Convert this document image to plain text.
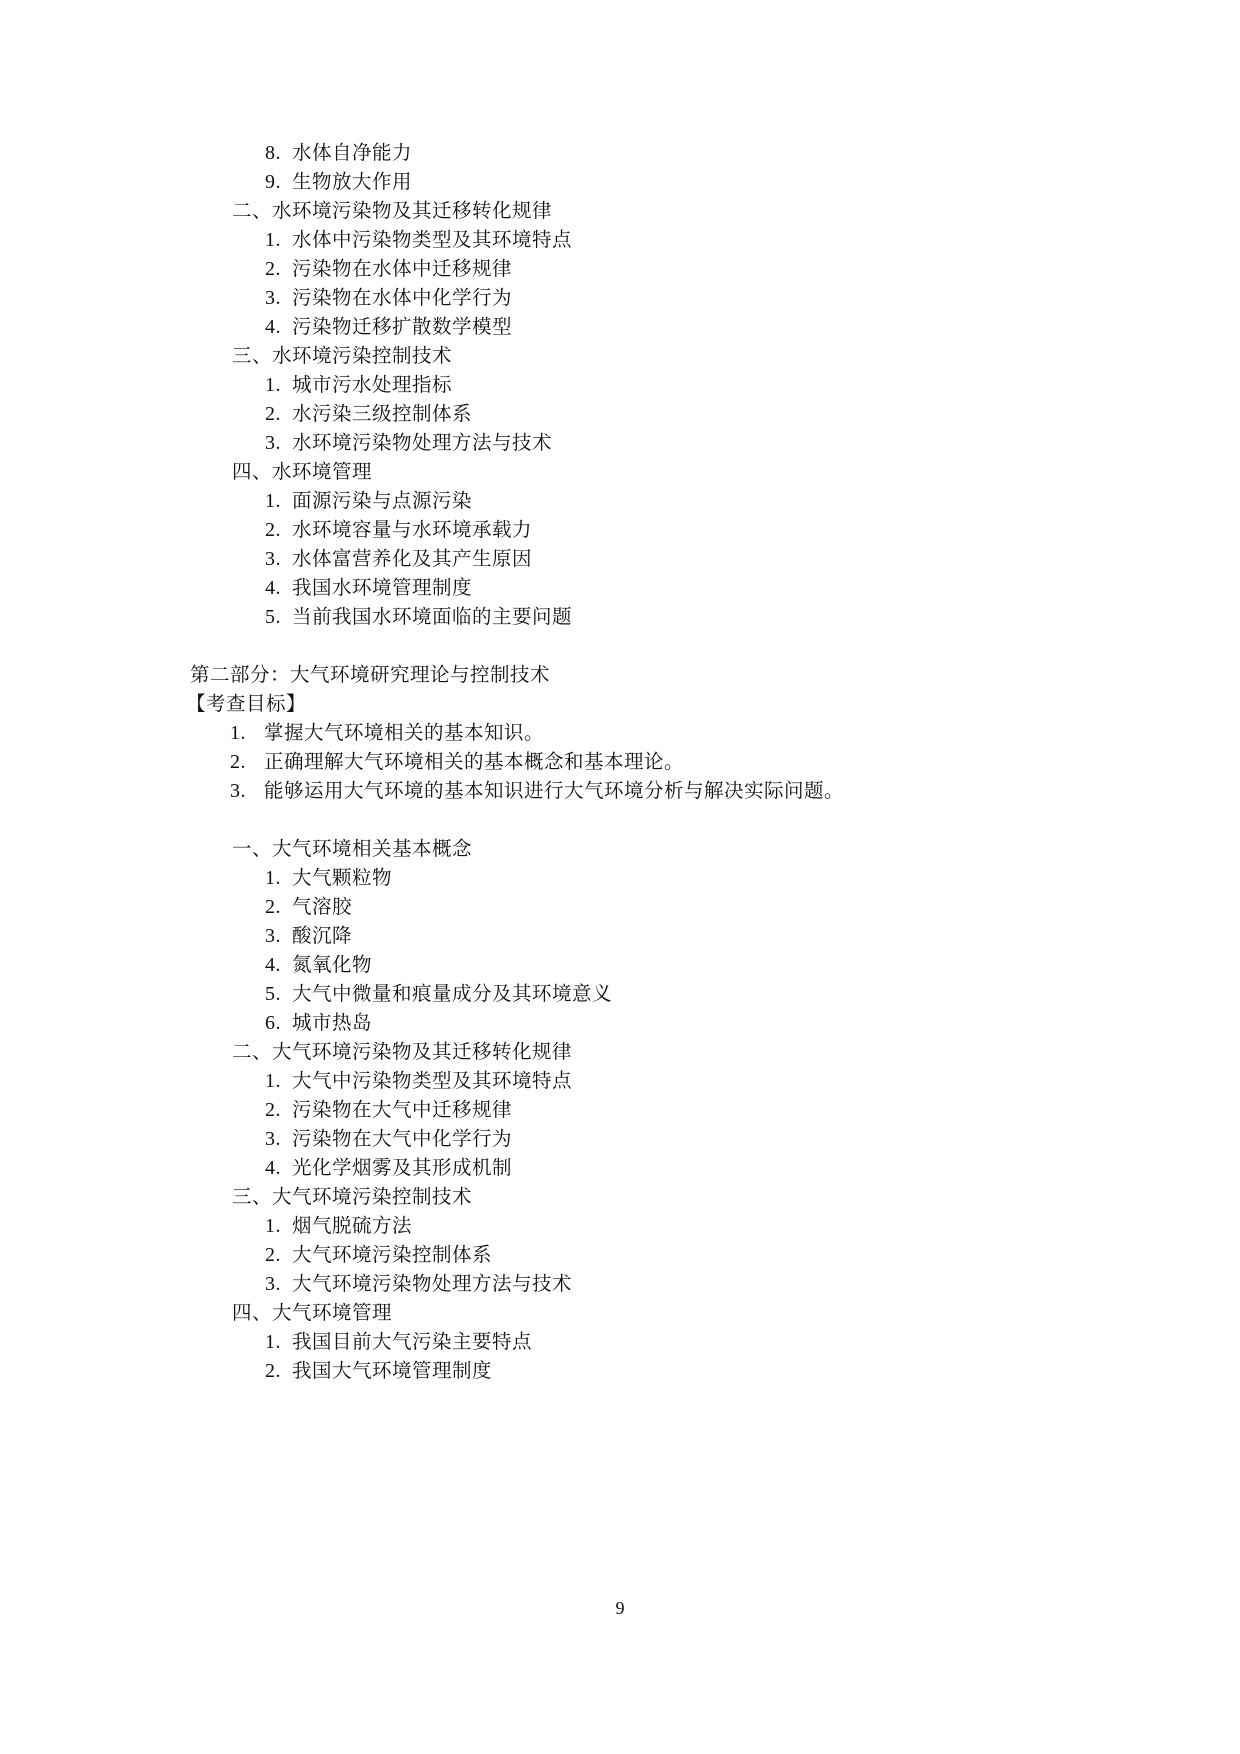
8. 水体自净能力
9. 生物放大作用
二、水环境污染物及其迁移转化规律
1. 水体中污染物类型及其环境特点
2. 污染物在水体中迁移规律
3. 污染物在水体中化学行为
4. 污染物迁移扩散数学模型
三、水环境污染控制技术
1. 城市污水处理指标
2. 水污染三级控制体系
3. 水环境污染物处理方法与技术
四、水环境管理
1. 面源污染与点源污染
2. 水环境容量与水环境承载力
3. 水体富营养化及其产生原因
4. 我国水环境管理制度
5. 当前我国水环境面临的主要问题
第二部分：大气环境研究理论与控制技术
【考查目标】
1. 掌握大气环境相关的基本知识。
2. 正确理解大气环境相关的基本概念和基本理论。
3. 能够运用大气环境的基本知识进行大气环境分析与解决实际问题。
一、大气环境相关基本概念
1. 大气颗粒物
2. 气溶胶
3. 酸沉降
4. 氮氧化物
5. 大气中微量和痕量成分及其环境意义
6. 城市热岛
二、大气环境污染物及其迁移转化规律
1. 大气中污染物类型及其环境特点
2. 污染物在大气中迁移规律
3. 污染物在大气中化学行为
4. 光化学烟雾及其形成机制
三、大气环境污染控制技术
1. 烟气脱硫方法
2. 大气环境污染控制体系
3. 大气环境污染物处理方法与技术
四、大气环境管理
1. 我国目前大气污染主要特点
2. 我国大气环境管理制度
9
